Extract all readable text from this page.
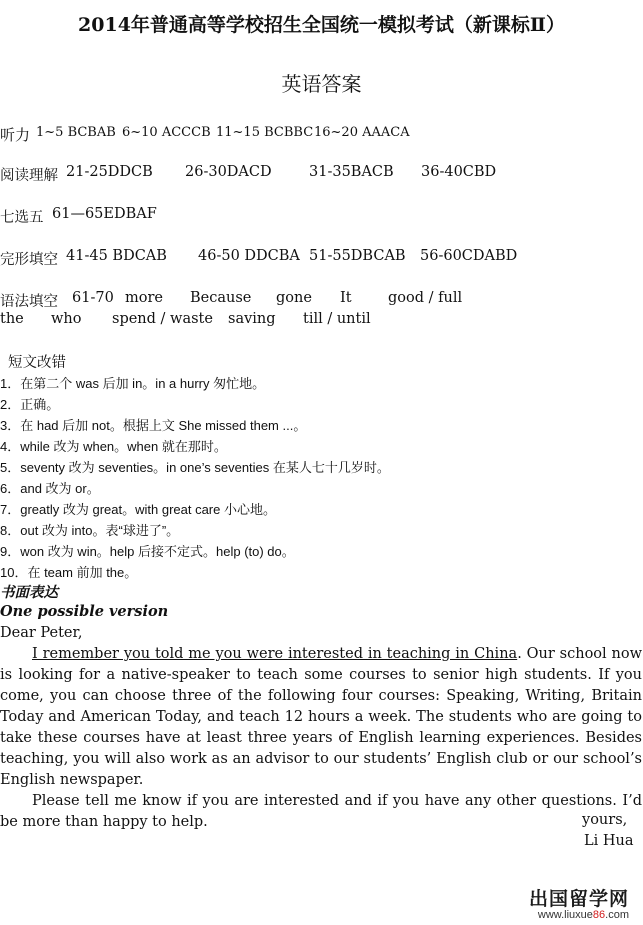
2014年普通高等学校招生全国统一模拟考试（新课标Ⅱ）
英语答案
听力 1~5 BCBAB 6~10 ACCCB 11~15 BCBBC 16~20 AAACA
阅读理解 21-25DDCB 26-30DACD	31-35BACB 36-40CBD
七选五 61—65EDBAF
完形填空 41-45 BDCAB 46-50 DDCBA 51-55DBCAB 56-60CDABD
语法填空 61-70 more Because gone It	good / full
the who spend / waste saving till / until
短文改错
1．在第二个 was 后加 in。in a hurry 匆忙地。
2．正确。
3．在 had 后加 not。根据上文 She missed them ...。
4．while 改为 when。when 就在那时。
5．seventy 改为 seventies。in one’s seventies 在某人七十几岁时。
6．and 改为 or。
7．greatly 改为 great。with great care 小心地。
8．out 改为 into。表“球进了”。
9．won 改为 win。help 后接不定式。help (to) do。
10．在 team 前加 the。
书面表达
One possible version
Dear Peter,

I remember you told me you were interested in teaching in China. Our school now is looking for a native-speaker to teach some courses to senior high students. If you come, you can choose three of the following four courses: Speaking, Writing, Britain Today and American Today, and teach 12 hours a week. The students who are going to take these courses have at least three years of English learning experiences. Besides teaching, you will also work as an advisor to our students’ English club or our school’s English newspaper.

Please tell me know if you are interested and if you have any other questions. I’d be more than happy to help.	yours,
Li Hua
出国留学网
www.liuxue86.com
